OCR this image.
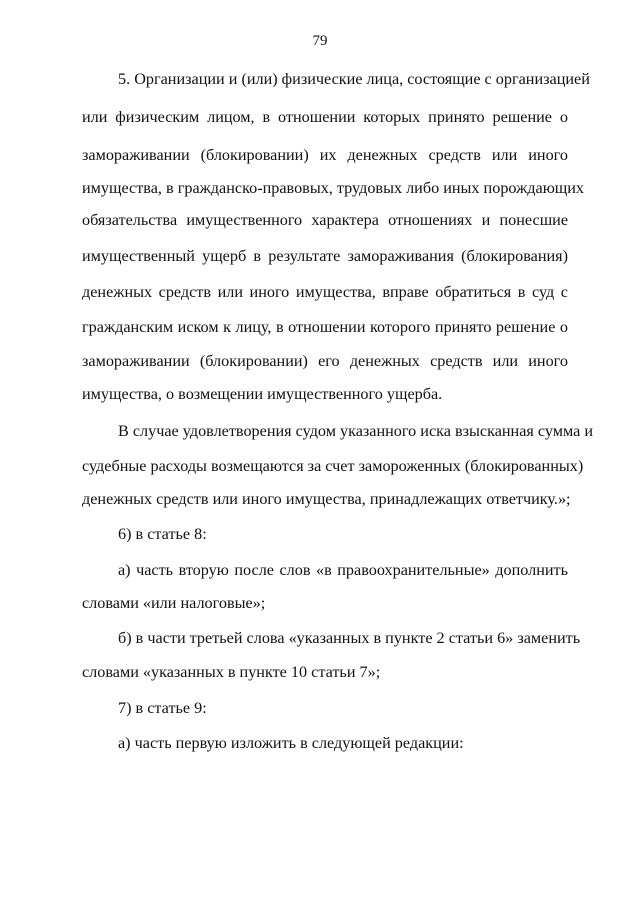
79
5. Организации и (или) физические лица, состоящие с организацией
или физическим лицом, в отношении которых принято решение о
замораживании (блокировании) их денежных средств или иного
имущества, в гражданско-правовых, трудовых либо иных порождающих
обязательства имущественного характера отношениях и понесшие
имущественный ущерб в результате замораживания (блокирования)
денежных средств или иного имущества, вправе обратиться в суд с
гражданским иском к лицу, в отношении которого принято решение о
замораживании (блокировании) его денежных средств или иного
имущества, о возмещении имущественного ущерба.
В случае удовлетворения судом указанного иска взысканная сумма и
судебные расходы возмещаются за счет замороженных (блокированных)
денежных средств или иного имущества, принадлежащих ответчику.»;
6) в статье 8:
а) часть вторую после слов «в правоохранительные» дополнить
словами «или налоговые»;
б) в части третьей слова «указанных в пункте 2 статьи 6» заменить
словами «указанных в пункте 10 статьи 7»;
7) в статье 9:
а) часть первую изложить в следующей редакции:
